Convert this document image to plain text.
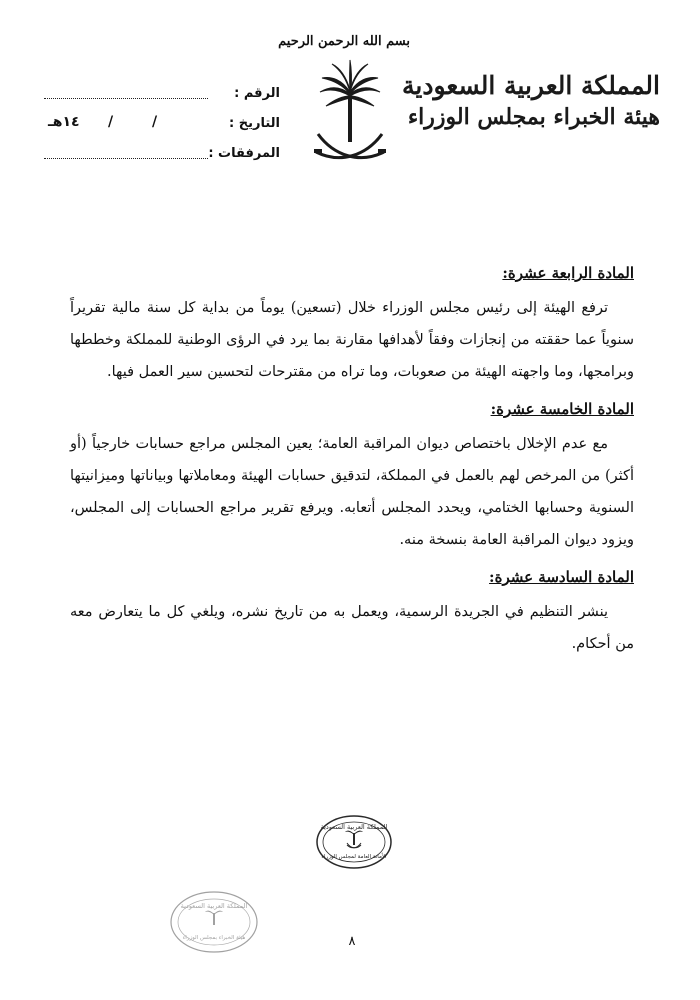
المملكة العربية السعودية
هيئة الخبراء بمجلس الوزراء
بسم الله الرحمن الرحيم
الرقم :
التاريخ :
/
/
١٤هـ
المرفقات :
المادة الرابعة عشرة:

ترفع الهيئة إلى رئيس مجلس الوزراء خلال (تسعين) يوماً من بداية كل سنة مالية تقريراً سنوياً عما حققته من إنجازات وفقاً لأهدافها مقارنة بما يرد في الرؤى الوطنية للمملكة وخططها وبرامجها، وما واجهته الهيئة من صعوبات، وما تراه من مقترحات لتحسين سير العمل فيها.

المادة الخامسة عشرة:

مع عدم الإخلال باختصاص ديوان المراقبة العامة؛ يعين المجلس مراجع حسابات خارجياً (أو أكثر) من المرخص لهم بالعمل في المملكة، لتدقيق حسابات الهيئة ومعاملاتها وبياناتها وميزانيتها السنوية وحسابها الختامي، ويحدد المجلس أتعابه. ويرفع تقرير مراجع الحسابات إلى المجلس، ويزود ديوان المراقبة العامة بنسخة منه.

المادة السادسة عشرة:

ينشر التنظيم في الجريدة الرسمية، ويعمل به من تاريخ نشره، ويلغي كل ما يتعارض معه من أحكام.

المملكة العربية السعودية
الأمانة العامة لمجلس الوزراء
المملكة العربية السعودية
هيئة الخبراء بمجلس الوزراء	٨
